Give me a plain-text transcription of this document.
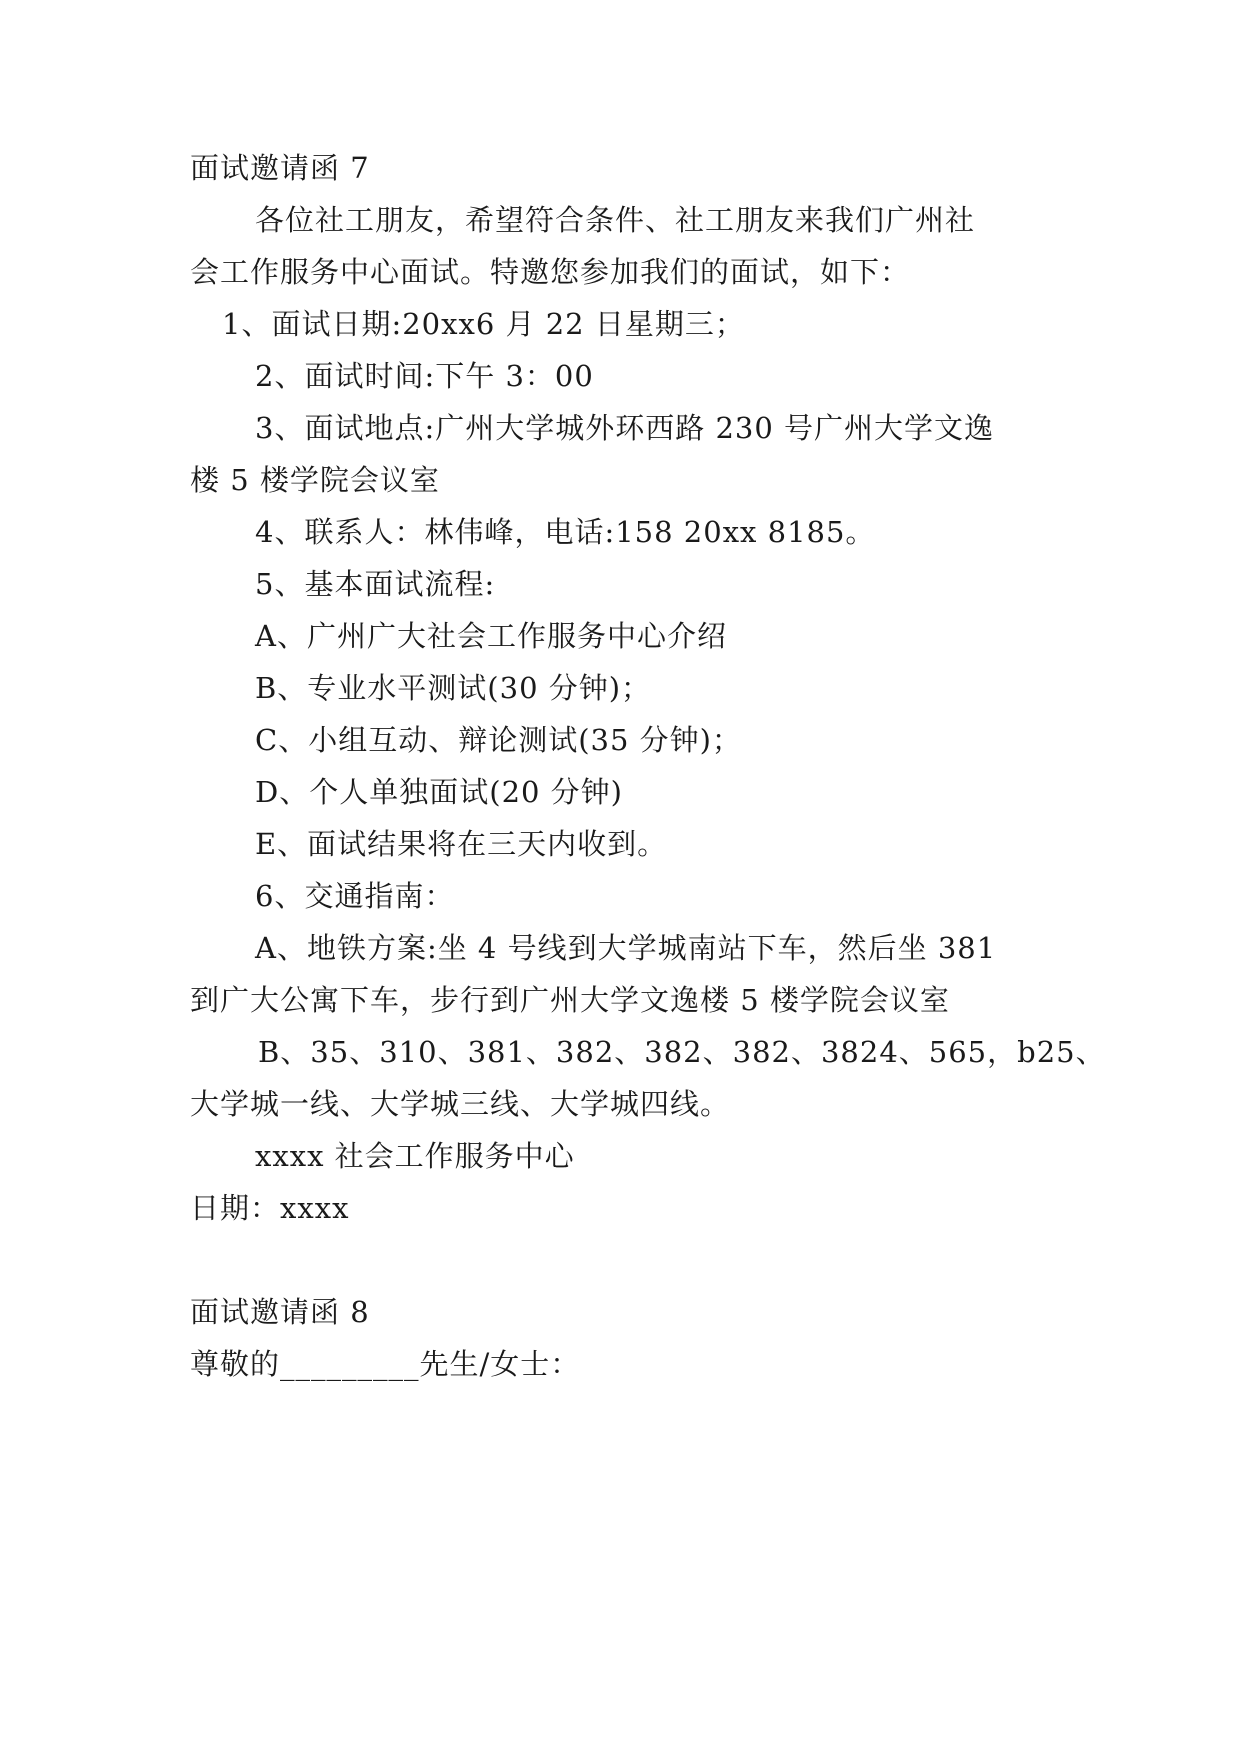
面试邀请函 7
各位社工朋友，希望符合条件、社工朋友来我们广州社
会工作服务中心面试。特邀您参加我们的面试，如下：
1、面试日期:20xx6 月 22 日星期三；
2、面试时间:下午 3：00
3、面试地点:广州大学城外环西路 230 号广州大学文逸
楼 5 楼学院会议室
4、联系人：林伟峰，电话:158 20xx 8185。
5、基本面试流程:
A、广州广大社会工作服务中心介绍
B、专业水平测试(30 分钟)；
C、小组互动、辩论测试(35 分钟)；
D、个人单独面试(20 分钟)
E、面试结果将在三天内收到。
6、交通指南：
A、地铁方案:坐 4 号线到大学城南站下车，然后坐 381
到广大公寓下车，步行到广州大学文逸楼 5 楼学院会议室
B、35、310、381、382、382、382、3824、565，b25、
大学城一线、大学城三线、大学城四线。
xxxx 社会工作服务中心
日期：xxxx
面试邀请函 8
尊敬的_________先生/女士：
